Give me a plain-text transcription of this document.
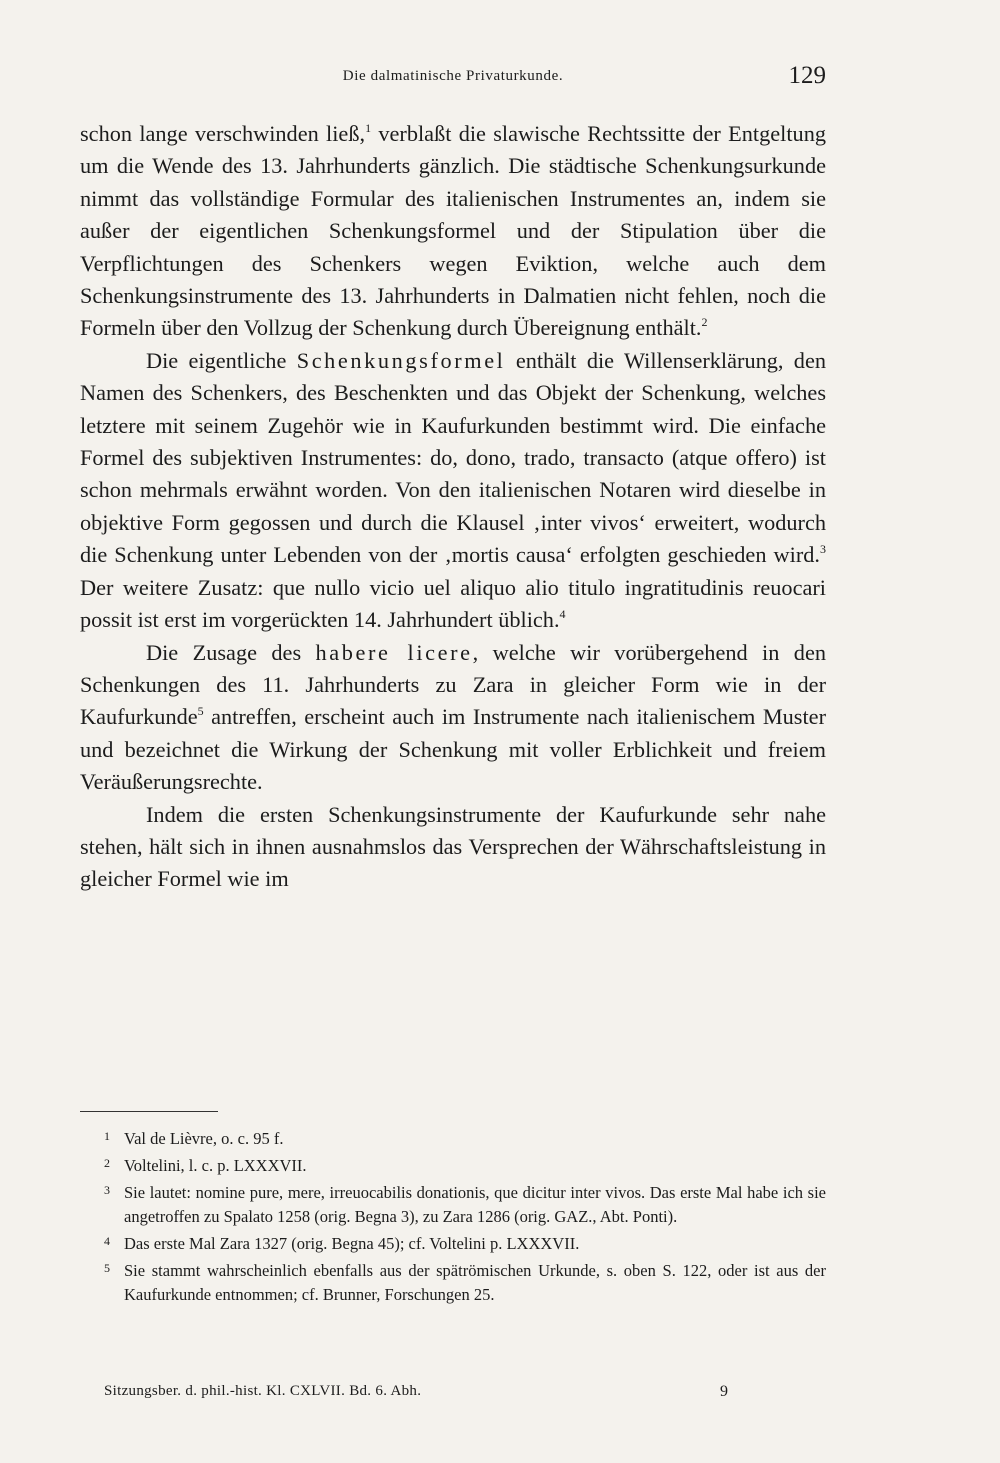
Die dalmatinische Privaturkunde.	129

schon lange verschwinden ließ,$^1$ verblaßt die slawische Rechtssitte der Entgeltung um die Wende des 13. Jahrhunderts gänzlich. Die städtische Schenkungsurkunde nimmt das vollständige Formular des italienischen Instrumentes an, indem sie außer der eigentlichen Schenkungsformel und der Stipulation über die Verpflichtungen des Schenkers wegen Eviktion, welche auch dem Schenkungsinstrumente des 13. Jahrhunderts in Dalmatien nicht fehlen, noch die Formeln über den Vollzug der Schenkung durch Übereignung enthält.$^2$

Die eigentliche Schenkungsformel enthält die Willenserklärung, den Namen des Schenkers, des Beschenkten und das Objekt der Schenkung, welches letztere mit seinem Zugehör wie in Kaufurkunden bestimmt wird. Die einfache Formel des subjektiven Instrumentes: do, dono, trado, transacto (atque offero) ist schon mehrmals erwähnt worden. Von den italienischen Notaren wird dieselbe in objektive Form gegossen und durch die Klausel ‚inter vivos‘ erweitert, wodurch die Schenkung unter Lebenden von der ‚mortis causa‘ erfolgten geschieden wird.$^3$ Der weitere Zusatz: que nullo vicio uel aliquo alio titulo ingratitudinis reuocari possit ist erst im vorgerückten 14. Jahrhundert üblich.$^4$

Die Zusage des habere licere, welche wir vorübergehend in den Schenkungen des 11. Jahrhunderts zu Zara in gleicher Form wie in der Kaufurkunde$^5$ antreffen, erscheint auch im Instrumente nach italienischem Muster und bezeichnet die Wirkung der Schenkung mit voller Erblichkeit und freiem Veräußerungsrechte.

Indem die ersten Schenkungsinstrumente der Kaufurkunde sehr nahe stehen, hält sich in ihnen ausnahmslos das Versprechen der Währschaftsleistung in gleicher Formel wie im

1 Val de Lièvre, o. c. 95 f.

2 Voltelini, l. c. p. LXXXVII.

3 Sie lautet: nomine pure, mere, irreuocabilis donationis, que dicitur inter vivos. Das erste Mal habe ich sie angetroffen zu Spalato 1258 (orig. Begna 3), zu Zara 1286 (orig. GAZ., Abt. Ponti).

4 Das erste Mal Zara 1327 (orig. Begna 45); cf. Voltelini p. LXXXVII.

5 Sie stammt wahrscheinlich ebenfalls aus der spätrömischen Urkunde, s. oben S. 122, oder ist aus der Kaufurkunde entnommen; cf. Brunner, Forschungen 25.

Sitzungsber. d. phil.-hist. Kl. CXLVII. Bd. 6. Abh.	9
